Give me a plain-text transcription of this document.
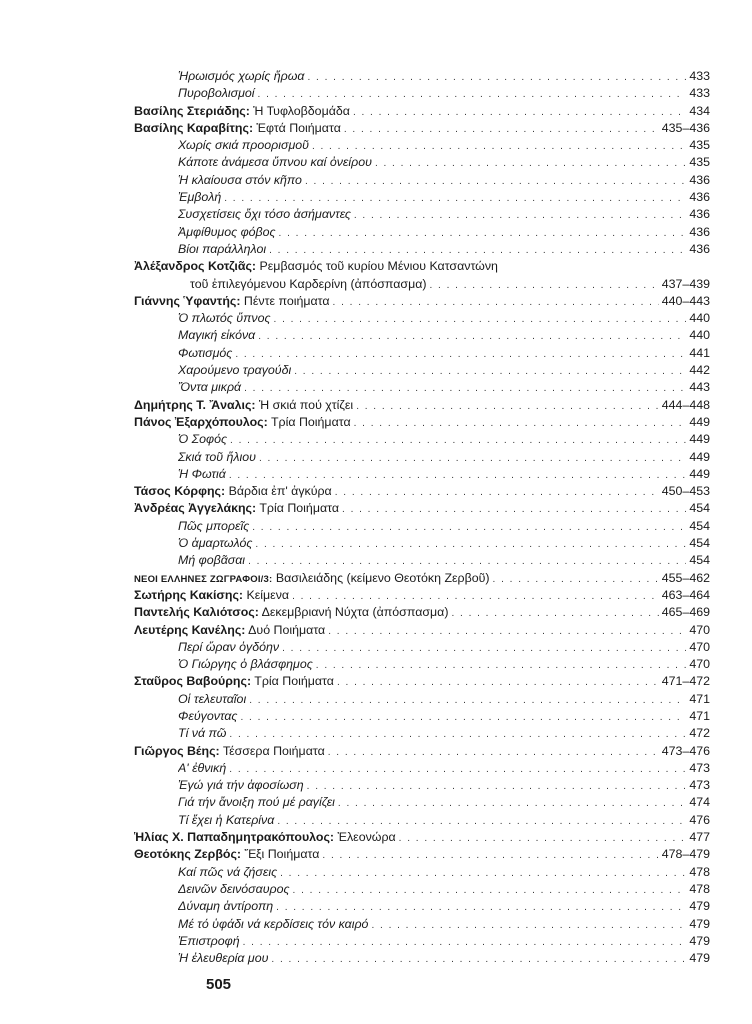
Ἡρωισμός χωρίς ἥρωα . . .	433
Πυροβολισμοί . . .	433
Βασίλης Στεριάδης: Ἡ Τυφλοβδομάδα . . .	434
Βασίλης Καραβίτης: Ἑφτά Ποιήματα . . .	435–436
Χωρίς σκιά προορισμοῦ . . .	435
Κάποτε ἀνάμεσα ὕπνου καί ὀνείρου . . .	435
Ἡ κλαίουσα στόν κῆπο . . .	436
Ἐμβολή . . .	436
Συσχετίσεις ὄχι τόσο ἀσήμαντες . . .	436
Ἀμφίθυμος φόβος . . .	436
Βίοι παράλληλοι . . .	436
Ἀλέξανδρος Κοτζιᾶς: Ρεμβασμός τοῦ κυρίου Μένιου Κατσαντώνη
τοῦ ἐπιλεγόμενου Καρδερίνη (ἀπόσπασμα) . . .	437–439
Γιάννης Ὑφαντής: Πέντε ποιήματα . . .	440–443
Ὁ πλωτός ὕπνος . . .	440
Μαγική εἰκόνα . . .	440
Φωτισμός . . .	441
Χαρούμενο τραγούδι . . .	442
Ὄντα μικρά . . .	443
Δημήτρης Τ. Ἄναλις: Ἡ σκιά πού χτίζει . . .	444–448
Πάνος Ἐξαρχόπουλος: Τρία Ποιήματα . . .	449
Ὁ Σοφός . . .	449
Σκιά τοῦ ἥλιου . . .	449
Ἡ Φωτιά . . .	449
Τάσος Κόρφης: Βάρδια ἐπ' ἀγκύρα . . .	450–453
Ἀνδρέας Ἀγγελάκης: Τρία Ποιήματα . . .	454
Πῶς μπορεῖς . . .	454
Ὁ ἁμαρτωλός . . .	454
Μή φοβᾶσαι . . .	454
ΝΕΟΙ ΕΛΛΗΝΕΣ ΖΩΓΡΑΦΟΙ/3: Βασιλειάδης (κείμενο Θεοτόκη Ζερβοῦ) . . .	455–462
Σωτήρης Κακίσης: Κείμενα . . .	463–464
Παντελής Καλιότσος: Δεκεμβριανή Νύχτα (ἀπόσπασμα) . . .	465–469
Λευτέρης Κανέλης: Δυό Ποιήματα . . .	470
Περί ὥραν ὀγδόην . . .	470
Ὁ Γιώργης ὁ βλάσφημος . . .	470
Σταῦρος Βαβούρης: Τρία Ποιήματα . . .	471–472
Οἱ τελευταῖοι . . .	471
Φεύγοντας . . .	471
Τί νά πῶ . . .	472
Γιῶργος Βέης: Τέσσερα Ποιήματα . . .	473–476
Α' ἐθνική . . .	473
Ἐγώ γιά τήν ἀφοσίωση . . .	473
Γιά τήν ἄνοιξη πού μέ ραγίζει . . .	474
Τί ἔχει ἡ Κατερίνα . . .	476
Ἡλίας Χ. Παπαδημητρακόπουλος: Ἐλεονώρα . . .	477
Θεοτόκης Ζερβός: Ἔξι Ποιήματα . . .	478–479
Καί πῶς νά ζήσεις . . .	478
Δεινῶν δεινόσαυρος . . .	478
Δύναμη ἀντίροπη . . .	479
Μέ τό ὑφάδι νά κερδίσεις τόν καιρό . . .	479
Ἐπιστροφή . . .	479
Ἡ ἐλευθερία μου . . .	479
505
